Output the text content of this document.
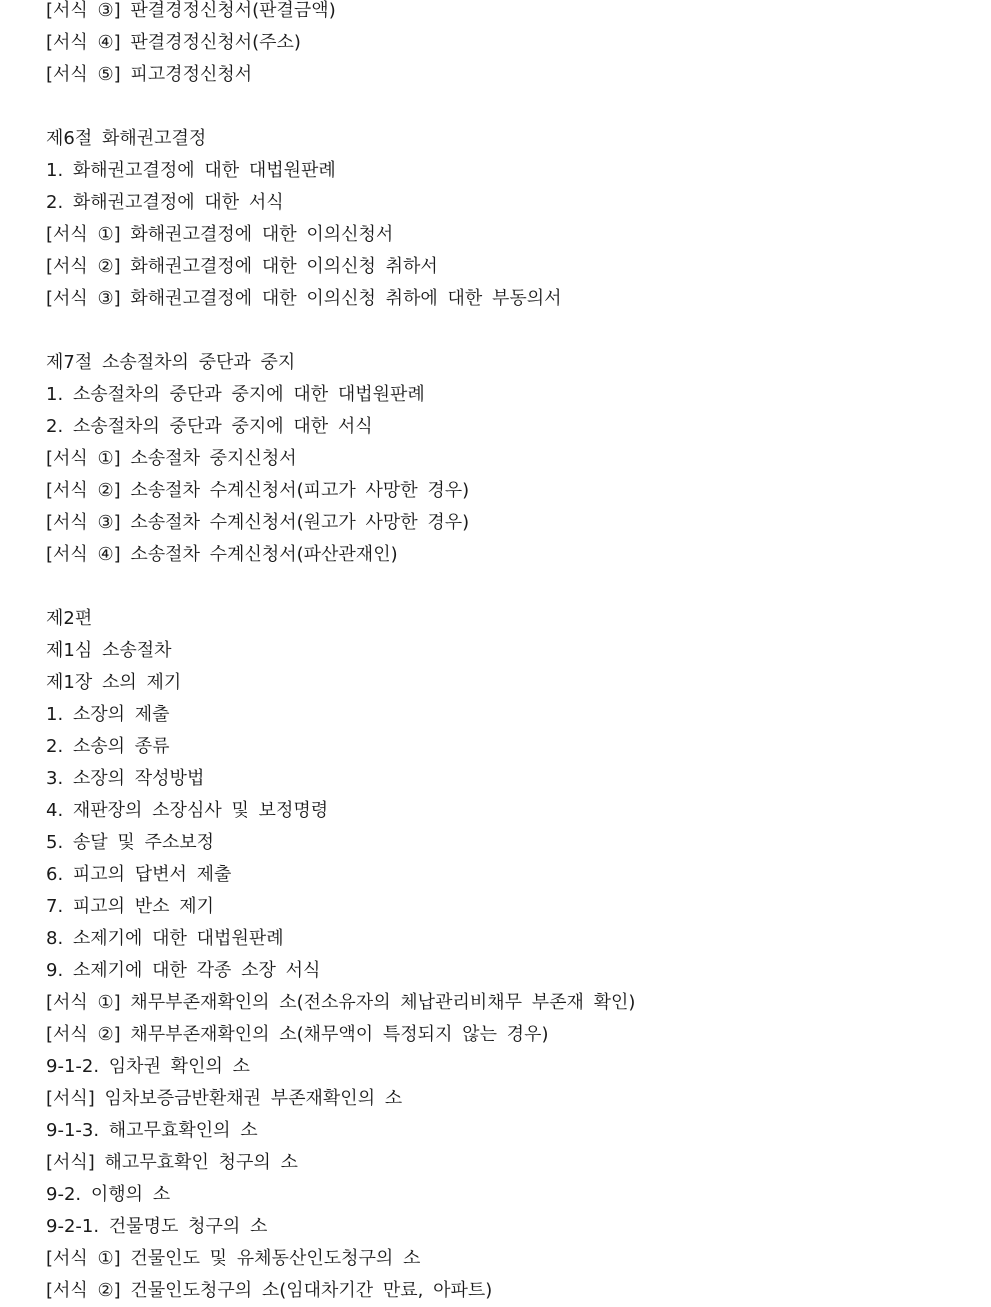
[서식 ③] 판결경정신청서(판결금액)
[서식 ④] 판결경정신청서(주소)
[서식 ⑤] 피고경정신청서
제6절 화해권고결정
1. 화해권고결정에 대한 대법원판례
2. 화해권고결정에 대한 서식
[서식 ①] 화해권고결정에 대한 이의신청서
[서식 ②] 화해권고결정에 대한 이의신청 취하서
[서식 ③] 화해권고결정에 대한 이의신청 취하에 대한 부동의서
제7절 소송절차의 중단과 중지
1. 소송절차의 중단과 중지에 대한 대법원판례
2. 소송절차의 중단과 중지에 대한 서식
[서식 ①] 소송절차 중지신청서
[서식 ②] 소송절차 수계신청서(피고가 사망한 경우)
[서식 ③] 소송절차 수계신청서(원고가 사망한 경우)
[서식 ④] 소송절차 수계신청서(파산관재인)
제2편
제1심 소송절차
제1장 소의 제기
1. 소장의 제출
2. 소송의 종류
3. 소장의 작성방법
4. 재판장의 소장심사 및 보정명령
5. 송달 및 주소보정
6. 피고의 답변서 제출
7. 피고의 반소 제기
8. 소제기에 대한 대법원판례
9. 소제기에 대한 각종 소장 서식
[서식 ①] 채무부존재확인의 소(전소유자의 체납관리비채무 부존재 확인)
[서식 ②] 채무부존재확인의 소(채무액이 특정되지 않는 경우)
9-1-2. 임차권 확인의 소
[서식] 임차보증금반환채권 부존재확인의 소
9-1-3. 해고무효확인의 소
[서식] 해고무효확인 청구의 소
9-2. 이행의 소
9-2-1. 건물명도 청구의 소
[서식 ①] 건물인도 및 유체동산인도청구의 소
[서식 ②] 건물인도청구의 소(임대차기간 만료, 아파트)
